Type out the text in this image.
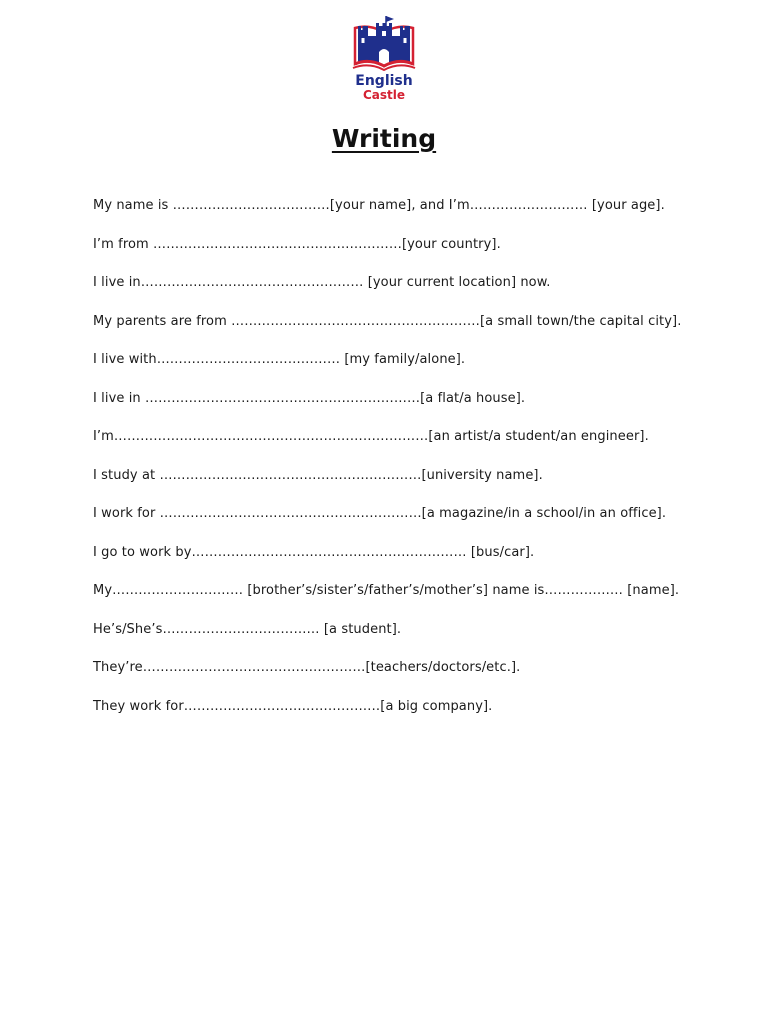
English
Castle
Writing
My name is ………………………………[your name], and I’m……………………… [your age].
I’m from …………………………………………………[your country].
I live in…………………………………………… [your current location] now.
My parents are from …………………………………………………[a small town/the capital city].
I live with…………………………………… [my family/alone].
I live in ………………………………………………………[a flat/a house].
I’m………………………………………………………………[an artist/a student/an engineer].
I study at ……………………………………………………[university name].
I work for ……………………………………………………[a magazine/in a school/in an office].
I go to work by……………………………………………………… [bus/car].
My………………………… [brother’s/sister’s/father’s/mother’s] name is……………… [name].
He’s/She’s……………………………… [a student].
They’re……………………………………………[teachers/doctors/etc.].
They work for………………………………………[a big company].
